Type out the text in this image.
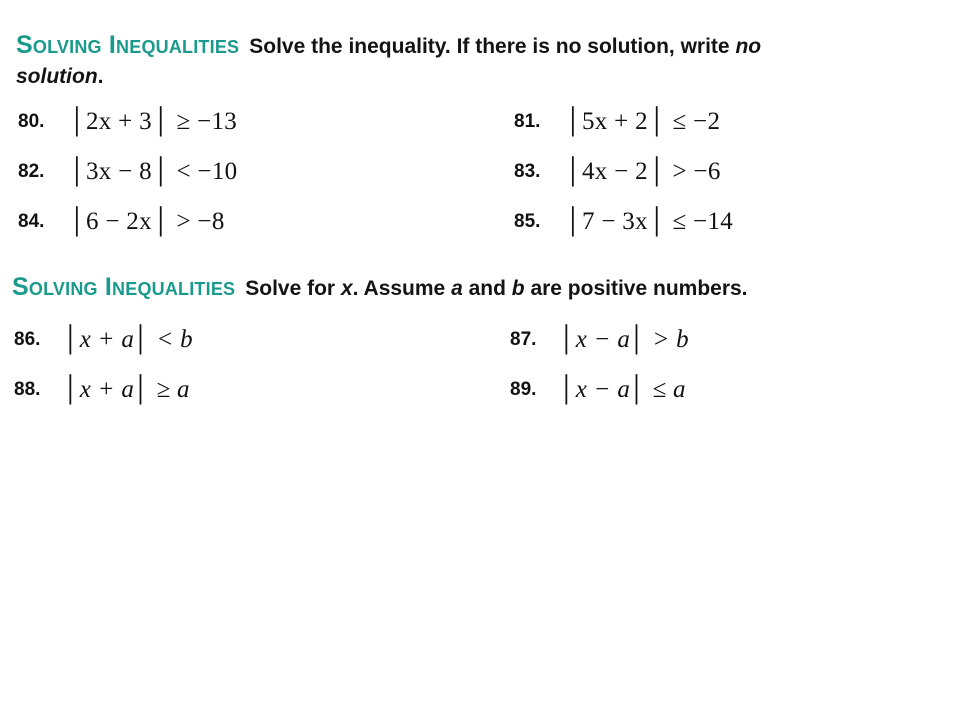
Solving Inequalities Solve the inequality. If there is no solution, write no
solution.
80. │2x + 3│ ≥ −13	81. │5x + 2│ ≤ −2
82. │3x − 8│ < −10	83. │4x − 2│ > −6
84. │6 − 2x│ > −8	85. │7 − 3x│ ≤ −14
Solving Inequalities Solve for x. Assume a and b are positive numbers.
86. │x + a│ < b	87. │x − a│ > b
88. │x + a│ ≥ a	89. │x − a│ ≤ a
